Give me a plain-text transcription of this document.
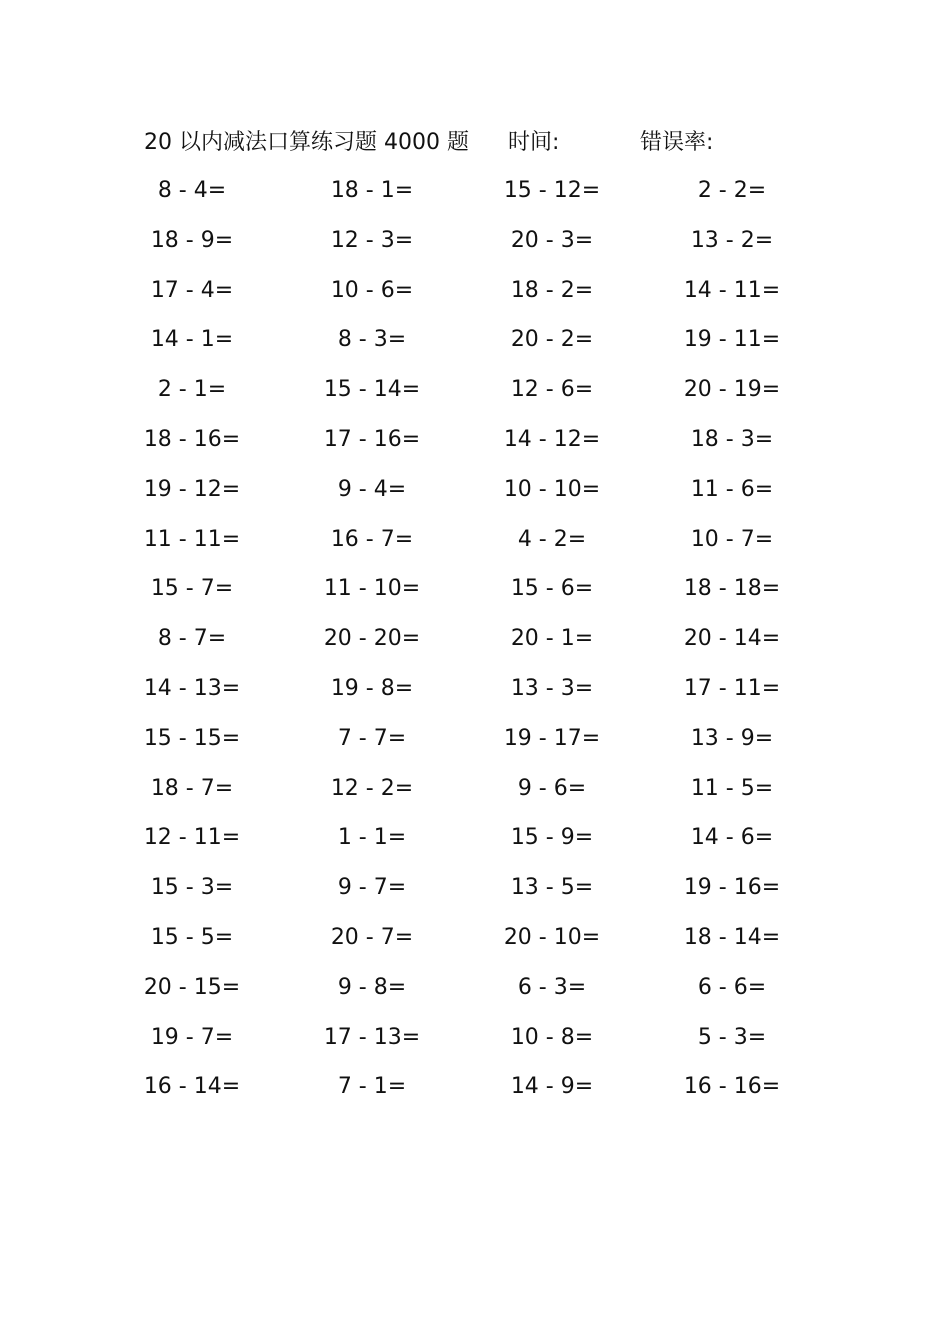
20 以内减法口算练习题 4000 题 时间:	错误率:
8 - 4=	18 - 1=	15 - 12=	2 - 2=
18 - 9=	12 - 3=	20 - 3=	13 - 2=
17 - 4=	10 - 6=	18 - 2=	14 - 11=
14 - 1=	8 - 3=	20 - 2=	19 - 11=
2 - 1=	15 - 14=	12 - 6=	20 - 19=
18 - 16=	17 - 16=	14 - 12=	18 - 3=
19 - 12=	9 - 4=	10 - 10=	11 - 6=
11 - 11=	16 - 7=	4 - 2=	10 - 7=
15 - 7=	11 - 10=	15 - 6=	18 - 18=
8 - 7=	20 - 20=	20 - 1=	20 - 14=
14 - 13=	19 - 8=	13 - 3=	17 - 11=
15 - 15=	7 - 7=	19 - 17=	13 - 9=
18 - 7=	12 - 2=	9 - 6=	11 - 5=
12 - 11=	1 - 1=	15 - 9=	14 - 6=
15 - 3=	9 - 7=	13 - 5=	19 - 16=
15 - 5=	20 - 7=	20 - 10=	18 - 14=
20 - 15=	9 - 8=	6 - 3=	6 - 6=
19 - 7=	17 - 13=	10 - 8=	5 - 3=
16 - 14=	7 - 1=	14 - 9=	16 - 16=
